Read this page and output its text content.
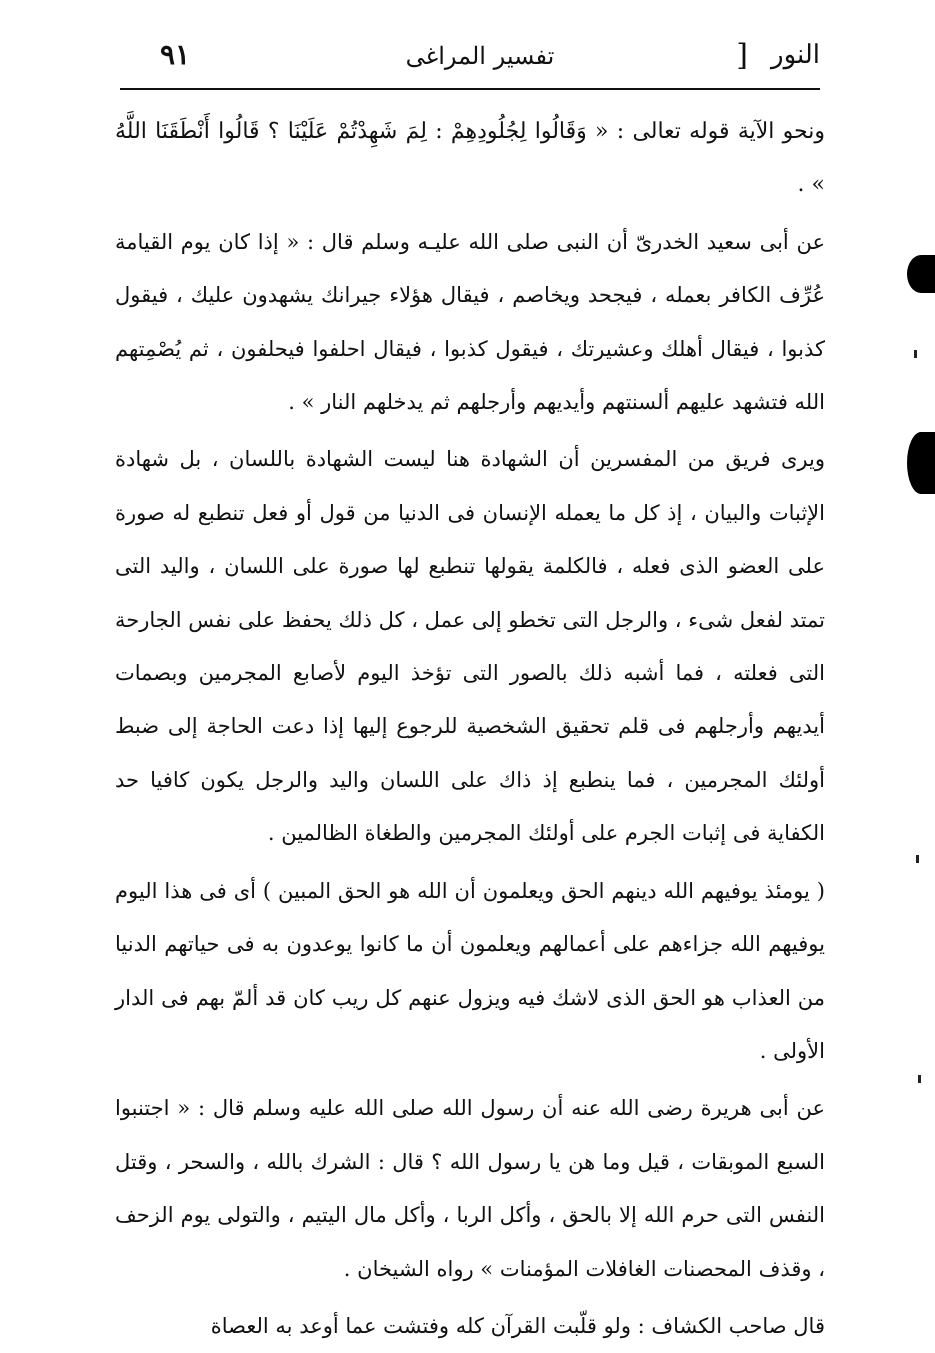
٩١	تفسير المراغى	] النور

ونحو الآية قوله تعالى : « وَقَالُوا لِجُلُودِهِمْ : لِمَ شَهِدْتُمْ عَلَيْنَا ؟ قَالُوا أَنْطَقَنَا اللَّهُ » .

عن أبى سعيد الخدرىّ أن النبى صلى الله عليـه وسلم قال : « إذا كان يوم القيامة عُرِّف الكافر بعمله ، فيجحد ويخاصم ، فيقال هؤلاء جيرانك يشهدون عليك ، فيقول كذبوا ، فيقال أهلك وعشيرتك ، فيقول كذبوا ، فيقال احلفوا فيحلفون ، ثم يُصْمِتهم الله فتشهد عليهم ألسنتهم وأيديهم وأرجلهم ثم يدخلهم النار » .

ويرى فريق من المفسرين أن الشهادة هنا ليست الشهادة باللسان ، بل شهادة الإثبات والبيان ، إذ كل ما يعمله الإنسان فى الدنيا من قول أو فعل تنطبع له صورة على العضو الذى فعله ، فالكلمة يقولها تنطبع لها صورة على اللسان ، واليد التى تمتد لفعل شىء ، والرجل التى تخطو إلى عمل ، كل ذلك يحفظ على نفس الجارحة التى فعلته ، فما أشبه ذلك بالصور التى تؤخذ اليوم لأصابع المجرمين وبصمات أيديهم وأرجلهم فى قلم تحقيق الشخصية للرجوع إليها إذا دعت الحاجة إلى ضبط أولئك المجرمين ، فما ينطبع إذ ذاك على اللسان واليد والرجل يكون كافيا حد الكفاية فى إثبات الجرم على أولئك المجرمين والطغاة الظالمين .

( يومئذ يوفيهم الله دينهم الحق ويعلمون أن الله هو الحق المبين ) أى فى هذا اليوم يوفيهم الله جزاءهم على أعمالهم ويعلمون أن ما كانوا يوعدون به فى حياتهم الدنيا من العذاب هو الحق الذى لاشك فيه ويزول عنهم كل ريب كان قد ألمّ بهم فى الدار الأولى .

عن أبى هريرة رضى الله عنه أن رسول الله صلى الله عليه وسلم قال : « اجتنبوا السبع الموبقات ، قيل وما هن يا رسول الله ؟ قال : الشرك بالله ، والسحر ، وقتل النفس التى حرم الله إلا بالحق ، وأكل الربا ، وأكل مال اليتيم ، والتولى يوم الزحف ، وقذف المحصنات الغافلات المؤمنات » رواه الشيخان .

قال صاحب الكشاف : ولو قلّبت القرآن كله وفتشت عما أوعد به العصاة
